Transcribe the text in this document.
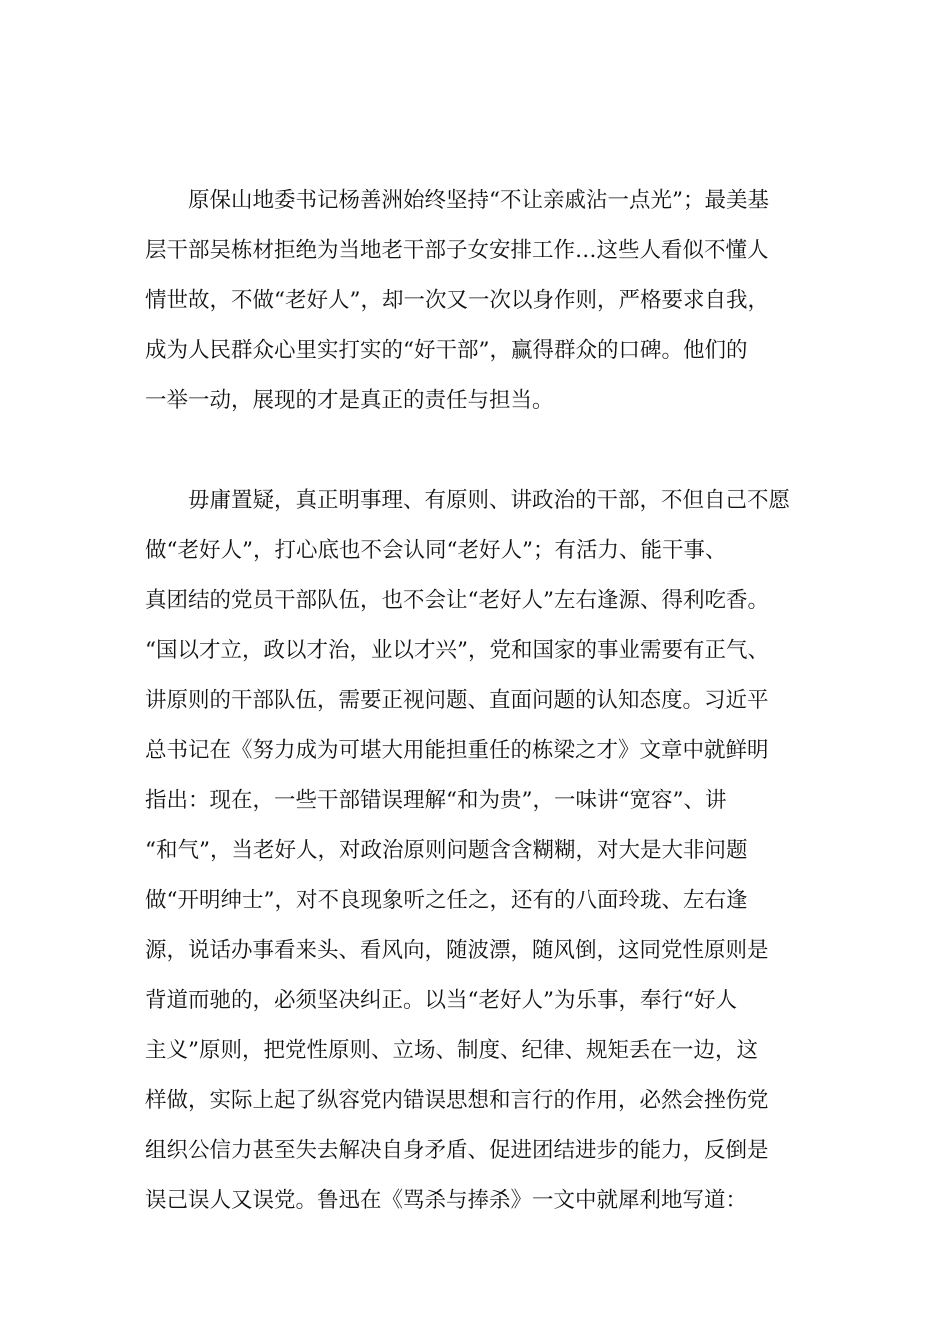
　　原保山地委书记杨善洲始终坚持“不让亲戚沾一点光”；最美基
层干部吴栋材拒绝为当地老干部子女安排工作…这些人看似不懂人
情世故，不做“老好人”，却一次又一次以身作则，严格要求自我，
成为人民群众心里实打实的“好干部”，赢得群众的口碑。他们的
一举一动，展现的才是真正的责任与担当。
　　毋庸置疑，真正明事理、有原则、讲政治的干部，不但自己不愿
做“老好人”，打心底也不会认同“老好人”；有活力、能干事、
真团结的党员干部队伍，也不会让“老好人”左右逢源、得利吃香。
“国以才立，政以才治，业以才兴”，党和国家的事业需要有正气、
讲原则的干部队伍，需要正视问题、直面问题的认知态度。习近平
总书记在《努力成为可堪大用能担重任的栋梁之才》文章中就鲜明
指出：现在，一些干部错误理解“和为贵”，一味讲“宽容”、讲
“和气”，当老好人，对政治原则问题含含糊糊，对大是大非问题
做“开明绅士”，对不良现象听之任之，还有的八面玲珑、左右逢
源，说话办事看来头、看风向，随波漂，随风倒，这同党性原则是
背道而驰的，必须坚决纠正。以当“老好人”为乐事，奉行“好人
主义”原则，把党性原则、立场、制度、纪律、规矩丢在一边，这
样做，实际上起了纵容党内错误思想和言行的作用，必然会挫伤党
组织公信力甚至失去解决自身矛盾、促进团结进步的能力，反倒是
误己误人又误党。鲁迅在《骂杀与捧杀》一文中就犀利地写道：
